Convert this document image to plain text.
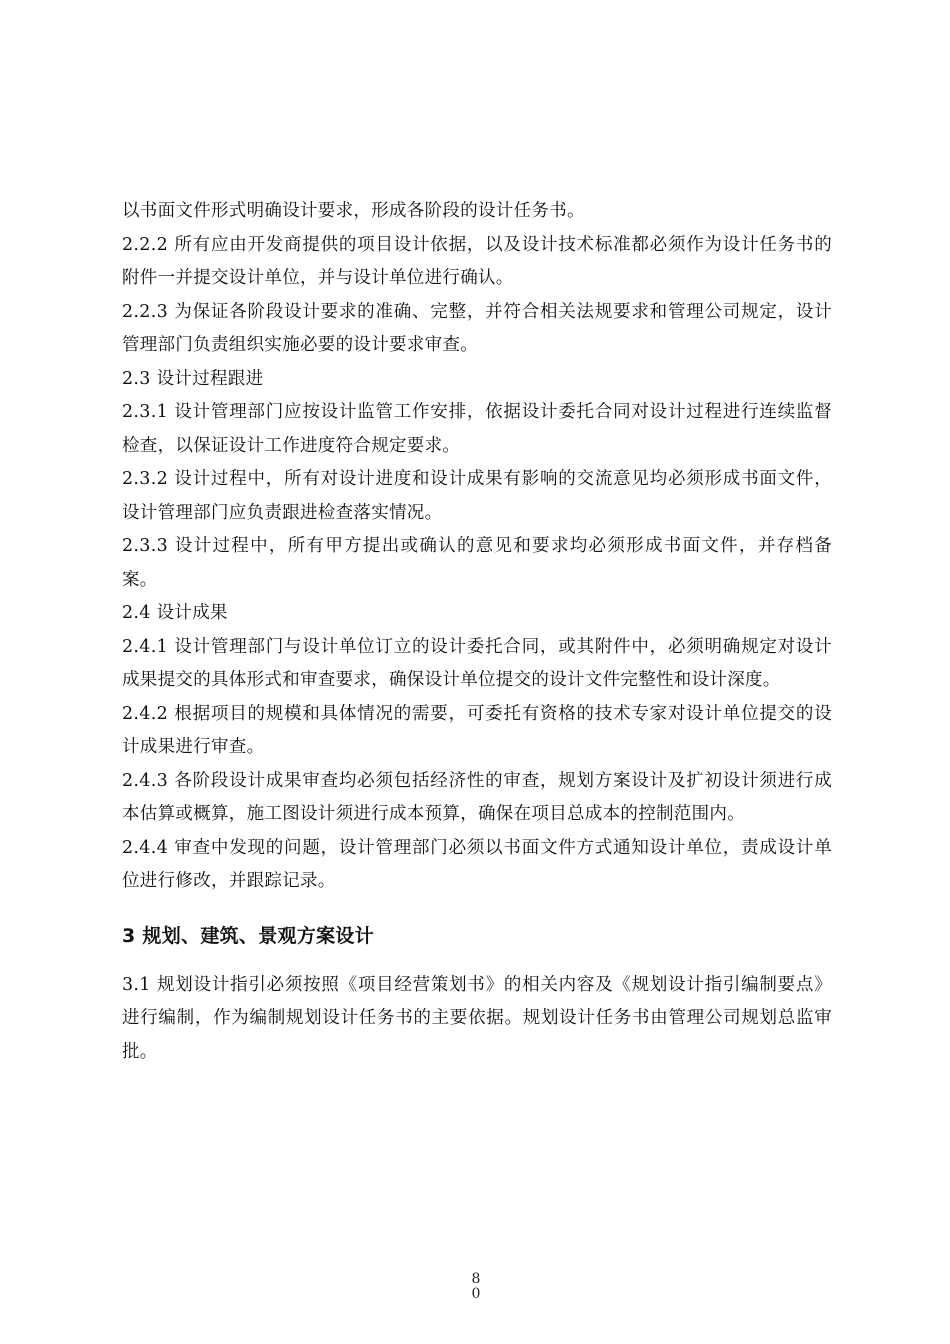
以书面文件形式明确设计要求，形成各阶段的设计任务书。

2.2.2 所有应由开发商提供的项目设计依据，以及设计技术标准都必须作为设计任务书的附件一并提交设计单位，并与设计单位进行确认。

2.2.3 为保证各阶段设计要求的准确、完整，并符合相关法规要求和管理公司规定，设计管理部门负责组织实施必要的设计要求审查。

2.3 设计过程跟进

2.3.1 设计管理部门应按设计监管工作安排，依据设计委托合同对设计过程进行连续监督检查，以保证设计工作进度符合规定要求。

2.3.2 设计过程中，所有对设计进度和设计成果有影响的交流意见均必须形成书面文件，设计管理部门应负责跟进检查落实情况。

2.3.3 设计过程中，所有甲方提出或确认的意见和要求均必须形成书面文件，并存档备案。

2.4 设计成果

2.4.1 设计管理部门与设计单位订立的设计委托合同，或其附件中，必须明确规定对设计成果提交的具体形式和审查要求，确保设计单位提交的设计文件完整性和设计深度。

2.4.2 根据项目的规模和具体情况的需要，可委托有资格的技术专家对设计单位提交的设计成果进行审查。

2.4.3 各阶段设计成果审查均必须包括经济性的审查，规划方案设计及扩初设计须进行成本估算或概算，施工图设计须进行成本预算，确保在项目总成本的控制范围内。

2.4.4 审查中发现的问题，设计管理部门必须以书面文件方式通知设计单位，责成设计单位进行修改，并跟踪记录。

3 规划、建筑、景观方案设计

3.1 规划设计指引必须按照《项目经营策划书》的相关内容及《规划设计指引编制要点》进行编制，作为编制规划设计任务书的主要依据。规划设计任务书由管理公司规划总监审批。

8
0
